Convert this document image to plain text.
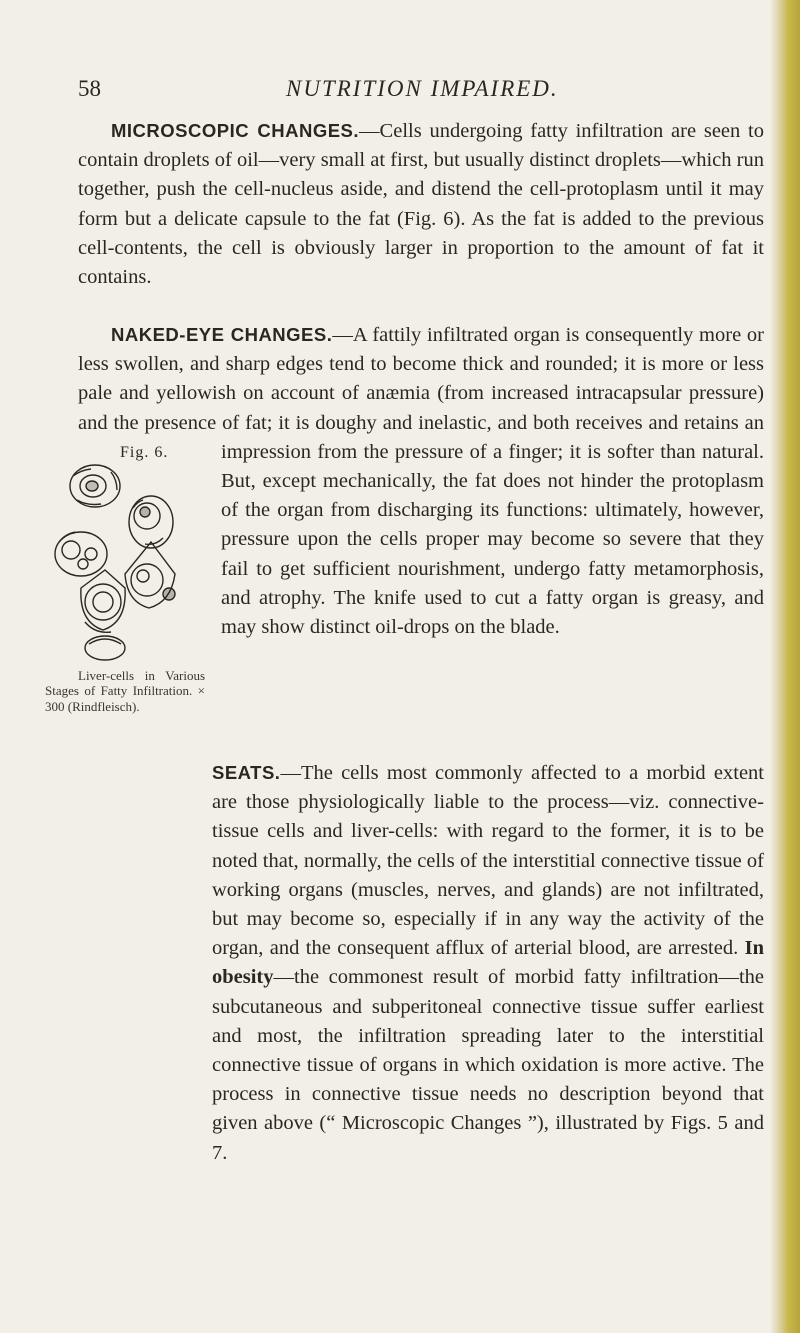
58	NUTRITION IMPAIRED.

MICROSCOPIC CHANGES.—Cells undergoing fatty infiltration are seen to contain droplets of oil—very small at first, but usually distinct droplets—which run together, push the cell-nucleus aside, and distend the cell-protoplasm until it may form but a delicate capsule to the fat (Fig. 6). As the fat is added to the previous cell-contents, the cell is obviously larger in proportion to the amount of fat it contains.

NAKED-EYE CHANGES.—A fattily infiltrated organ is consequently more or less swollen, and sharp edges tend to become thick and rounded; it is more or less pale and yellowish on account of anæmia (from increased intracapsular pressure) and the presence of fat; it is doughy and inelastic, and both receives and retains an impression
Fig. 6.
Liver-cells in Various Stages of Fatty Infiltration. × 300 (Rindfleisch).
from the pressure of a finger; it is softer than natural. But, except mechanically, the fat does not hinder the protoplasm of the organ from discharging its functions: ultimately, however, pressure upon the cells proper may become so severe that they fail to get sufficient nourishment, undergo fatty metamorphosis, and atrophy. The knife used to cut a fatty organ is greasy, and may show distinct oil-drops on the blade.

SEATS.—The cells most commonly affected to a morbid extent are those physiologically liable to the process—viz. connective-tissue cells and liver-cells: with regard to the former, it is to be noted that, normally, the cells of the interstitial connective tissue of working organs (muscles, nerves, and glands) are not infiltrated, but may become so, especially if in any way the activity of the organ, and the consequent afflux of arterial blood, are arrested. In obesity—the commonest result of morbid fatty infiltration—the subcutaneous and subperitoneal connective tissue suffer earliest and most, the infiltration spreading later to the interstitial connective tissue of organs in which oxidation is more active. The process in connective tissue needs no description beyond that given above (“ Microscopic Changes ”), illustrated by Figs. 5 and 7.
